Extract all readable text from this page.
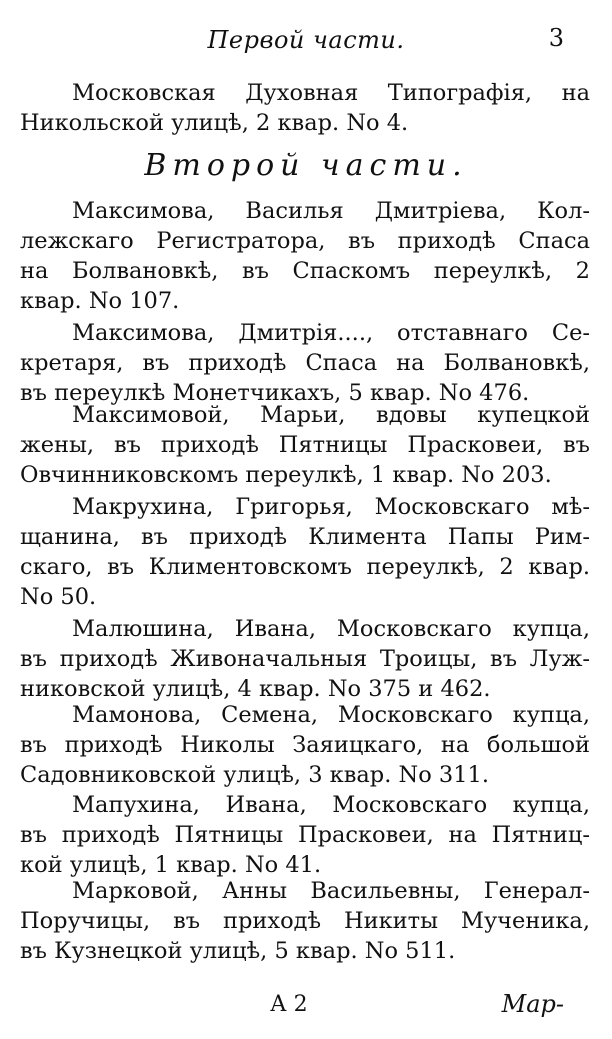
Первой части.	3
Московская Духовная Типографія, на
Никольской улицѣ, 2 квар. No 4.
Второй части.
Максимова, Василья Дмитріева, Кол-
лежскаго Регистратора, въ приходѣ Спаса
на Болвановкѣ, въ Спаскомъ переулкѣ, 2
квар. No 107.
Максимова, Дмитрія...., отставнаго Се-
кретаря, въ приходѣ Спаса на Болвановкѣ,
въ переулкѣ Монетчикахъ, 5 квар. No 476.
Максимовой, Марьи, вдовы купецкой
жены, въ приходѣ Пятницы Прасковеи, въ
Овчинниковскомъ переулкѣ, 1 квар. No 203.
Макрухина, Григорья, Московскаго мѣ-
щанина, въ приходѣ Климента Папы Рим-
скаго, въ Климентовскомъ переулкѣ, 2 квар.
No 50.
Малюшина, Ивана, Московскаго купца,
въ приходѣ Живоначальныя Троицы, въ Луж-
никовской улицѣ, 4 квар. No 375 и 462.
Мамонова, Семена, Московскаго купца,
въ приходѣ Николы Заяицкаго, на большой
Садовниковской улицѣ, 3 квар. No 311.
Мапухина, Ивана, Московскаго купца,
въ приходѣ Пятницы Прасковеи, на Пятниц-
кой улицѣ, 1 квар. No 41.
Марковой, Анны Васильевны, Генерал-
Поручицы, въ приходѣ Никиты Мученика,
въ Кузнецкой улицѣ, 5 квар. No 511.
А 2	Мар-
